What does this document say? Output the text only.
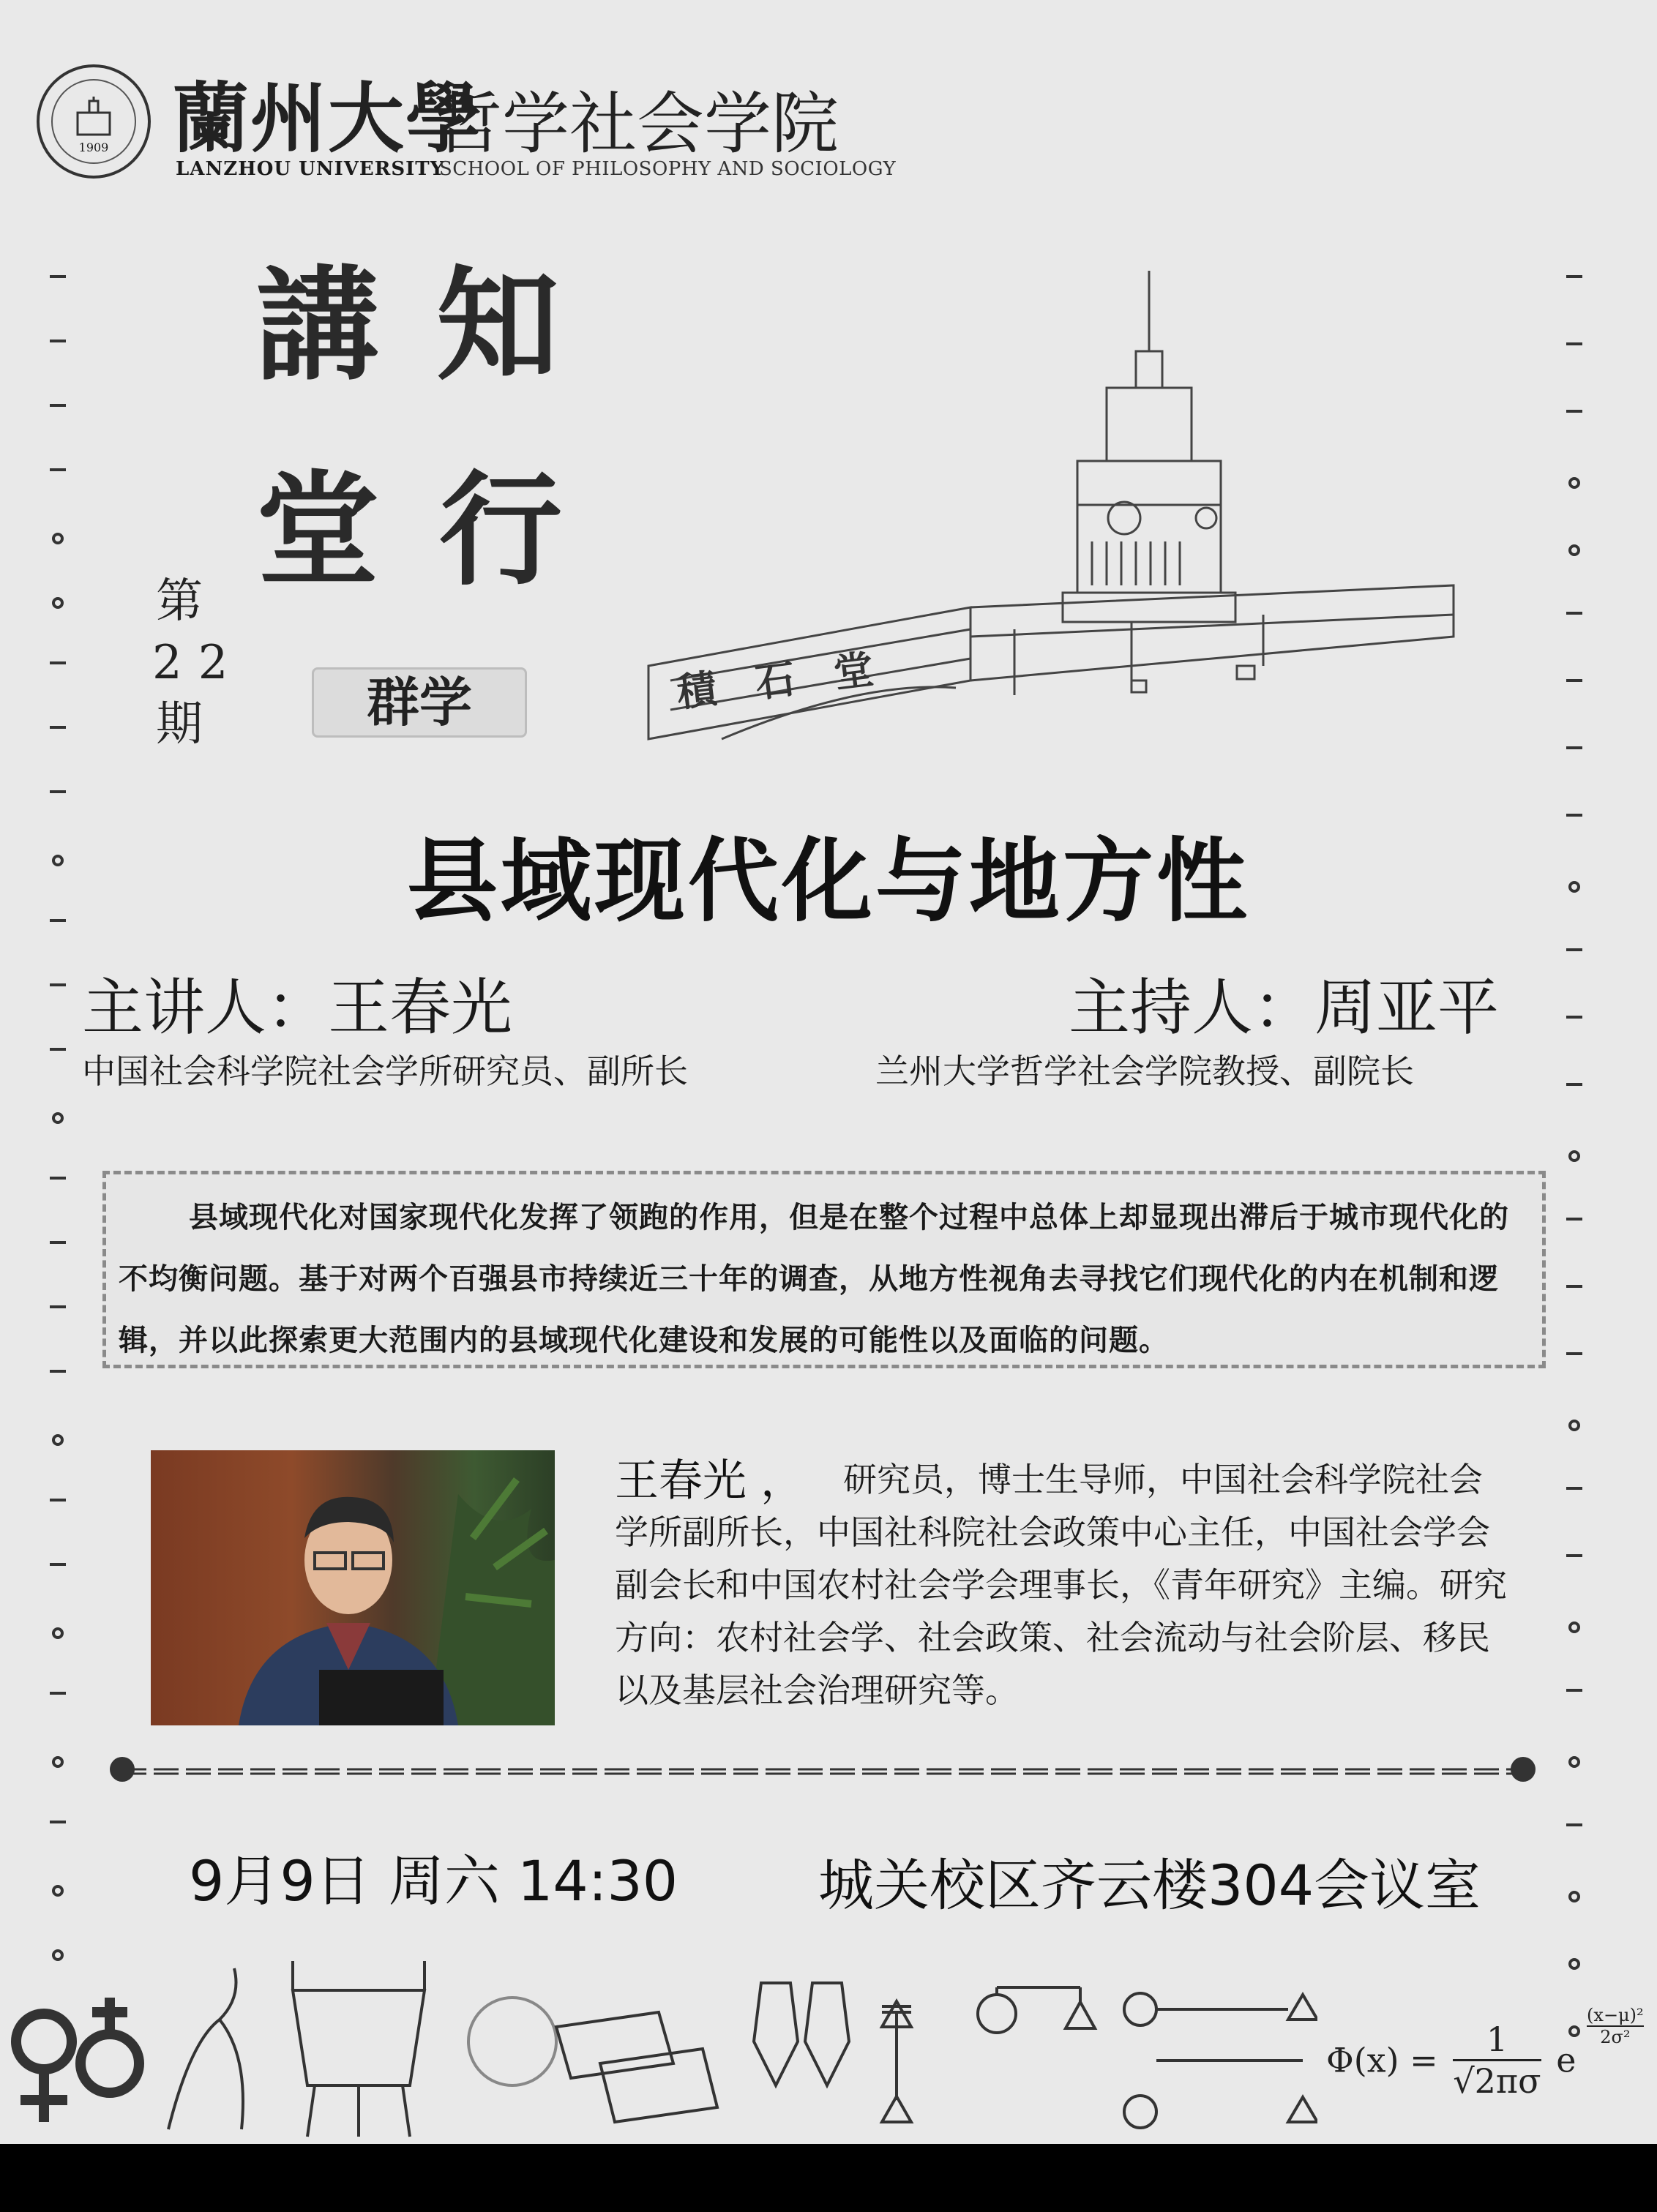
1909 蘭州大學
哲学社会学院
LANZHOU UNIVERSITY
SCHOOL OF PHILOSOPHY AND SOCIOLOGY
講 知
堂 行
第
22
期	群学	積石堂
县域现代化与地方性
主讲人：王春光	主持人：周亚平
中国社会科学院社会学所研究员、副所长	兰州大学哲学社会学院教授、副院长
县域现代化对国家现代化发挥了领跑的作用，但是在整个过程中总体上却显现出滞后于城市现代化的不均衡问题。基于对两个百强县市持续近三十年的调查，从地方性视角去寻找它们现代化的内在机制和逻辑，并以此探索更大范围内的县域现代化建设和发展的可能性以及面临的问题。
王春光 ，	研究员，博士生导师，中国社会科学院社会学所副所长，中国社科院社会政策中心主任，中国社会学会副会长和中国农村社会学会理事长，《青年研究》主编。研究方向：农村社会学、社会政策、社会流动与社会阶层、移民以及基层社会治理研究等。
9月9日 周六 14:30	城关校区齐云楼304会议室
$\Phi(x) = \frac{1}{√2\pi\sigma}$ e
$\frac{\text{(x−μ)²}}{\text{2σ²}}$
